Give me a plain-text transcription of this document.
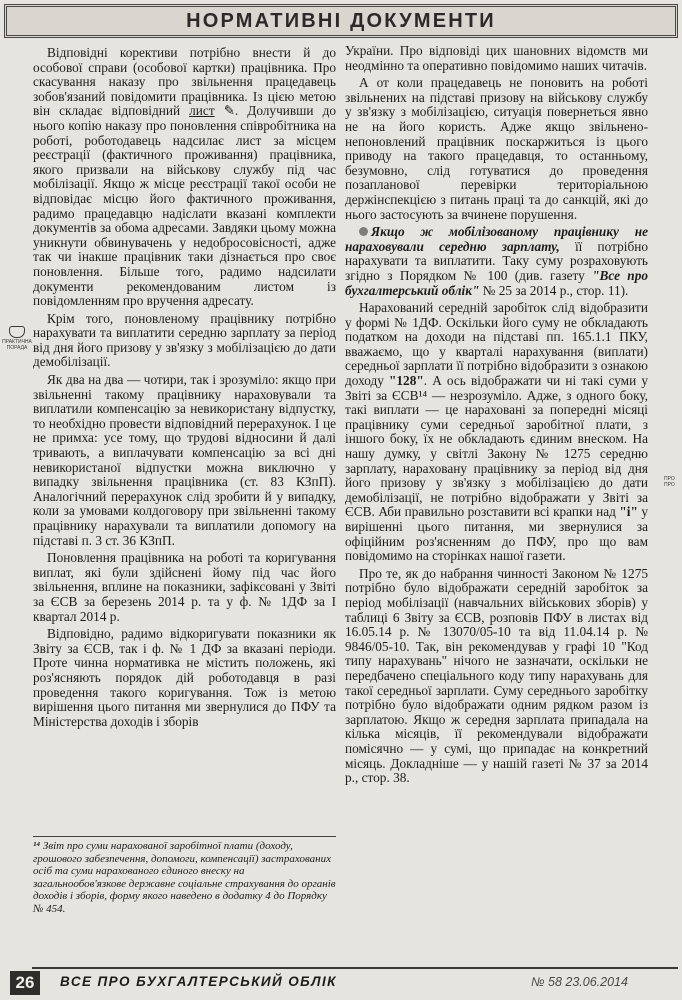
НОРМАТИВНІ ДОКУМЕНТИ
ПРАКТИЧНА
ПОРАДА
ПРО
ПРО

Відповідні корективи потрібно внести й до особової справи (особової картки) працівника. Про скасування наказу про звільнення працедавець зобов'язаний повідомити працівника. Із цією метою він складає відповідний лист ✎. Долучивши до нього копію наказу про поновлення співробітника на роботі, роботодавець надсилає лист за місцем реєстрації (фактичного проживання) працівника, якого призвали на військову службу під час мобілізації. Якщо ж місце реєстрації такої особи не відповідає місцю його фактичного проживання, радимо працедавцю надіслати вказані комплекти документів за обома адресами. Завдяки цьому можна уникнути обвинувачень у недобросовісності, адже так чи інакше працівник таки дізнається про своє поновлення. Більше того, радимо надсилати документи рекомендованим листом із повідомленням про вручення адресату.

Крім того, поновленому працівнику потрібно нарахувати та виплатити середню зарплату за період від дня його призову у зв'язку з мобілізацією до дати демобілізації.

Як два на два — чотири, так і зрозуміло: якщо при звільненні такому працівнику нараховували та виплатили компенсацію за невикористану відпустку, то необхідно провести відповідний перерахунок. І це не примха: усе тому, що трудові відносини й далі тривають, а виплачувати компенсацію за всі дні невикористаної відпустки можна виключно у випадку звільнення працівника (ст. 83 КЗпП). Аналогічний перерахунок слід зробити й у випадку, коли за умовами колдоговору при звільненні такому працівнику нарахували та виплатили допомогу на підставі п. 3 ст. 36 КЗпП.

Поновлення працівника на роботі та коригування виплат, які були здійснені йому під час його звільнення, вплине на показники, зафіксовані у Звіті за ЄСВ за березень 2014 р. та у ф. № 1ДФ за I квартал 2014 р.

Відповідно, радимо відкоригувати показники як Звіту за ЄСВ, так і ф. № 1 ДФ за вказані періоди. Проте чинна нормативка не містить положень, які роз'ясняють порядок дій роботодавця в разі проведення такого коригування. Тож із метою вирішення цього питання ми звернулися до ПФУ та Міністерства доходів і зборів

України. Про відповіді цих шановних відомств ми неодмінно та оперативно повідомимо наших читачів.

А от коли працедавець не поновить на роботі звільнених на підставі призову на військову службу у зв'язку з мобілізацією, ситуація повернеться явно не на його користь. Адже якщо звільнено-непоновлений працівник поскаржиться із цього приводу на такого працедавця, то останньому, безумовно, слід готуватися до проведення позапланової перевірки територіальною держінспекцією з питань праці та до санкцій, які до нього застосують за вчинене порушення.

Якщо ж мобілізованому працівнику не нараховували середню зарплату, її потрібно нарахувати та виплатити. Таку суму розраховують згідно з Порядком № 100 (див. газету "Все про бухгалтерський облік" № 25 за 2014 р., стор. 11).

Нарахований середній заробіток слід відобразити у формі № 1ДФ. Оскільки його суму не обкладають податком на доходи на підставі пп. 165.1.1 ПКУ, вважаємо, що у кварталі нарахування (виплати) середньої зарплати її потрібно відобразити з ознакою доходу "128". А ось відображати чи ні такі суми у Звіті за ЄСВ¹⁴ — незрозуміло. Адже, з одного боку, такі виплати — це нараховані за попередні місяці працівнику суми середньої заробітної плати, з іншого боку, їх не обкладають єдиним внеском. На нашу думку, у світлі Закону № 1275 середню зарплату, нараховану працівнику за період від дня його призову у зв'язку з мобілізацією до дати демобілізації, не потрібно відображати у Звіті за ЄСВ. Аби правильно розставити всі крапки над "і" у вирішенні цього питання, ми звернулися за офіційним роз'ясненням до ПФУ, про що вам повідомимо на сторінках нашої газети.

Про те, як до набрання чинності Законом № 1275 потрібно було відображати середній заробіток за період мобілізації (навчальних військових зборів) у таблиці 6 Звіту за ЄСВ, розповів ПФУ в листах від 16.05.14 р. № 13070/05-10 та від 11.04.14 р. № 9846/05-10. Так, він рекомендував у графі 10 "Код типу нарахувань" нічого не зазначати, оскільки не передбачено спеціального коду типу нарахувань для такої середньої зарплати. Суму середнього заробітку потрібно було відображати одним рядком разом із зарплатою. Якщо ж середня зарплата припадала на кілька місяців, її рекомендували відображати помісячно — у сумі, що припадає на конкретний місяць. Докладніше — у нашій газеті № 37 за 2014 р., стор. 38.

¹⁴ Звіт про суми нарахованої заробітної плати (доходу, грошового забезпечення, допомоги, компенсації) застрахованих осіб та суми нарахованого єдиного внеску на загальнообов'язкове державне соціальне страхування до органів доходів і зборів, форму якого наведено в додатку 4 до Порядку № 454.
26	ВСЕ ПРО БУХГАЛТЕРСЬКИЙ ОБЛІК	№ 58 23.06.2014
